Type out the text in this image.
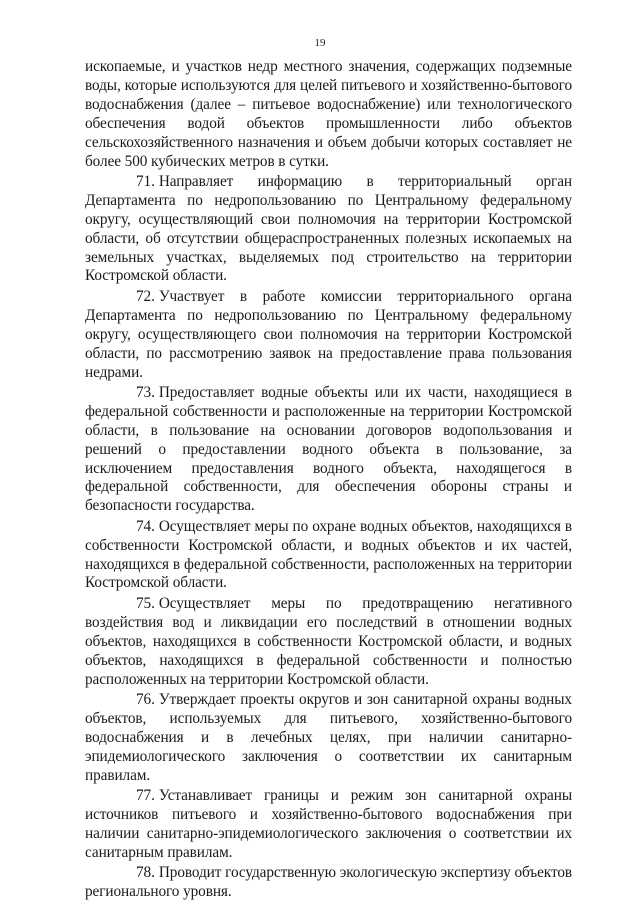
19

ископаемые, и участков недр местного значения, содержащих подземные воды, которые используются для целей питьевого и хозяйственно-бытового водоснабжения (далее – питьевое водоснабжение) или технологического обеспечения водой объектов промышленности либо объектов сельскохозяйственного назначения и объем добычи которых составляет не более 500 кубических метров в сутки.

71. Направляет информацию в территориальный орган Департамента по недропользованию по Центральному федеральному округу, осуществляющий свои полномочия на территории Костромской области, об отсутствии общераспространенных полезных ископаемых на земельных участках, выделяемых под строительство на территории Костромской области.

72. Участвует в работе комиссии территориального органа Департамента по недропользованию по Центральному федеральному округу, осуществляющего свои полномочия на территории Костромской области, по рассмотрению заявок на предоставление права пользования недрами.

73. Предоставляет водные объекты или их части, находящиеся в федеральной собственности и расположенные на территории Костромской области, в пользование на основании договоров водопользования и решений о предоставлении водного объекта в пользование, за исключением предоставления водного объекта, находящегося в федеральной собственности, для обеспечения обороны страны и безопасности государства.

74. Осуществляет меры по охране водных объектов, находящихся в собственности Костромской области, и водных объектов и их частей, находящихся в федеральной собственности, расположенных на территории Костромской области.

75. Осуществляет меры по предотвращению негативного воздействия вод и ликвидации его последствий в отношении водных объектов, находящихся в собственности Костромской области, и водных объектов, находящихся в федеральной собственности и полностью расположенных на территории Костромской области.

76. Утверждает проекты округов и зон санитарной охраны водных объектов, используемых для питьевого, хозяйственно-бытового водоснабжения и в лечебных целях, при наличии санитарно-эпидемиологического заключения о соответствии их санитарным правилам.

77. Устанавливает границы и режим зон санитарной охраны источников питьевого и хозяйственно-бытового водоснабжения при наличии санитарно-эпидемиологического заключения о соответствии их санитарным правилам.

78. Проводит государственную экологическую экспертизу объектов регионального уровня.
